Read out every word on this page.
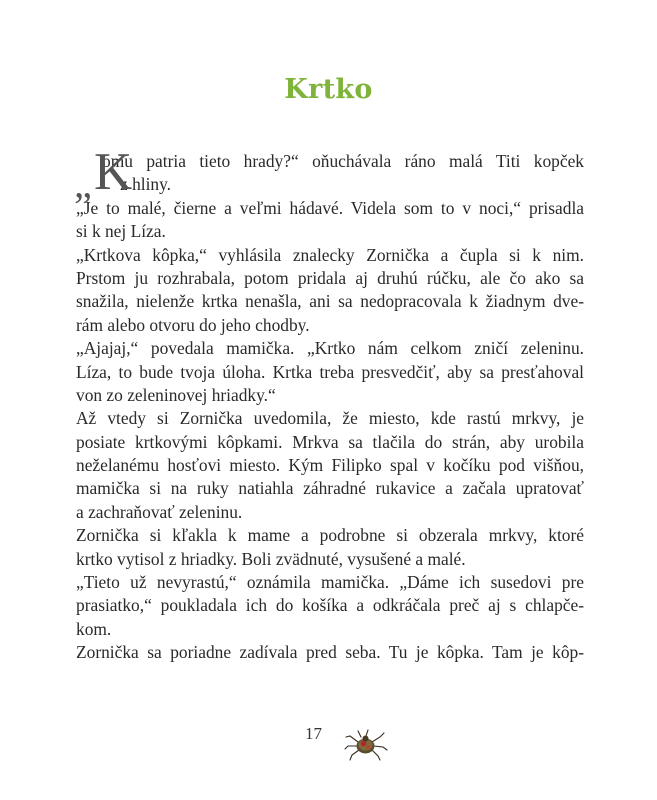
Krtko
„ K
omu patria tieto hrady?“ oňuchávala ráno malá Titi kopček
z hliny.
„Je to malé, čierne a veľmi hádavé. Videla som to v noci,“ prisadla
si k nej Líza.
„Krtkova kôpka,“ vyhlásila znalecky Zornička a čupla si k nim.
Prstom ju rozhrabala, potom pridala aj druhú rúčku, ale čo ako sa
snažila, nielenže krtka nenašla, ani sa nedopracovala k žiadnym dve-
rám alebo otvoru do jeho chodby.
„Ajajaj,“ povedala mamička. „Krtko nám celkom zničí zeleninu.
Líza, to bude tvoja úloha. Krtka treba presvedčiť, aby sa presťahoval
von zo zeleninovej hriadky.“
Až vtedy si Zornička uvedomila, že miesto, kde rastú mrkvy, je
posiate krtkovými kôpkami. Mrkva sa tlačila do strán, aby urobila
neželanému hosťovi miesto. Kým Filipko spal v kočíku pod višňou,
mamička si na ruky natiahla záhradné rukavice a začala upratovať
a zachraňovať zeleninu.
Zornička si kľakla k mame a podrobne si obzerala mrkvy, ktoré
krtko vytisol z hriadky. Boli zvädnuté, vysušené a malé.
„Tieto už nevyrastú,“ oznámila mamička. „Dáme ich susedovi pre
prasiatko,“ poukladala ich do košíka a odkráčala preč aj s chlapče-
kom.
Zornička sa poriadne zadívala pred seba. Tu je kôpka. Tam je kôp-
17
